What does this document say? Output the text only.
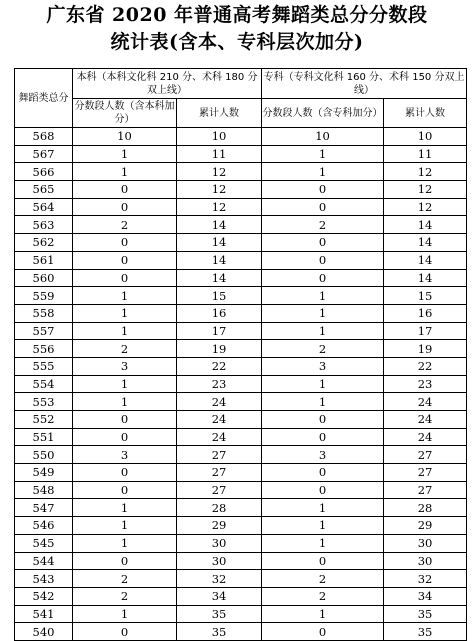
广东省 2020 年普通高考舞蹈类总分分数段
统计表(含本、专科层次加分)
舞蹈类总分	本科（本科文化科 210 分、术科 180 分双上线）		专科（专科文化科 160 分、术科 150 分双上线）	
	分数段人数（含本科加分）	累计人数	分数段人数（含专科加分）	累计人数
568	10	10	10	10
567	1	11	1	11
566	1	12	1	12
565	0	12	0	12
564	0	12	0	12
563	2	14	2	14
562	0	14	0	14
561	0	14	0	14
560	0	14	0	14
559	1	15	1	15
558	1	16	1	16
557	1	17	1	17
556	2	19	2	19
555	3	22	3	22
554	1	23	1	23
553	1	24	1	24
552	0	24	0	24
551	0	24	0	24
550	3	27	3	27
549	0	27	0	27
548	0	27	0	27
547	1	28	1	28
546	1	29	1	29
545	1	30	1	30
544	0	30	0	30
543	2	32	2	32
542	2	34	2	34
541	1	35	1	35
540	0	35	0	35
